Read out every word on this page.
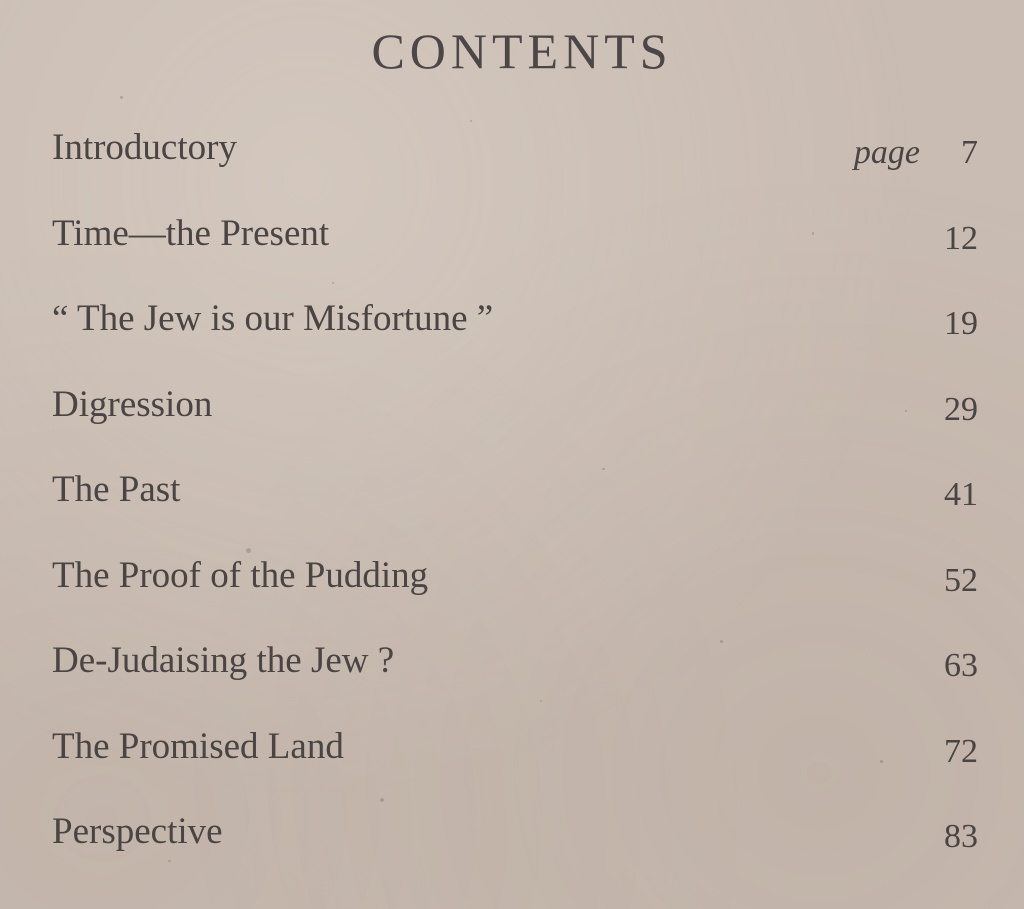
CONTENTS
Introductory	page 7
Time—the Present	12
“ The Jew is our Misfortune ”	19
Digression	29
The Past	41
The Proof of the Pudding	52
De-Judaising the Jew ?	63
The Promised Land	72
Perspective	83
